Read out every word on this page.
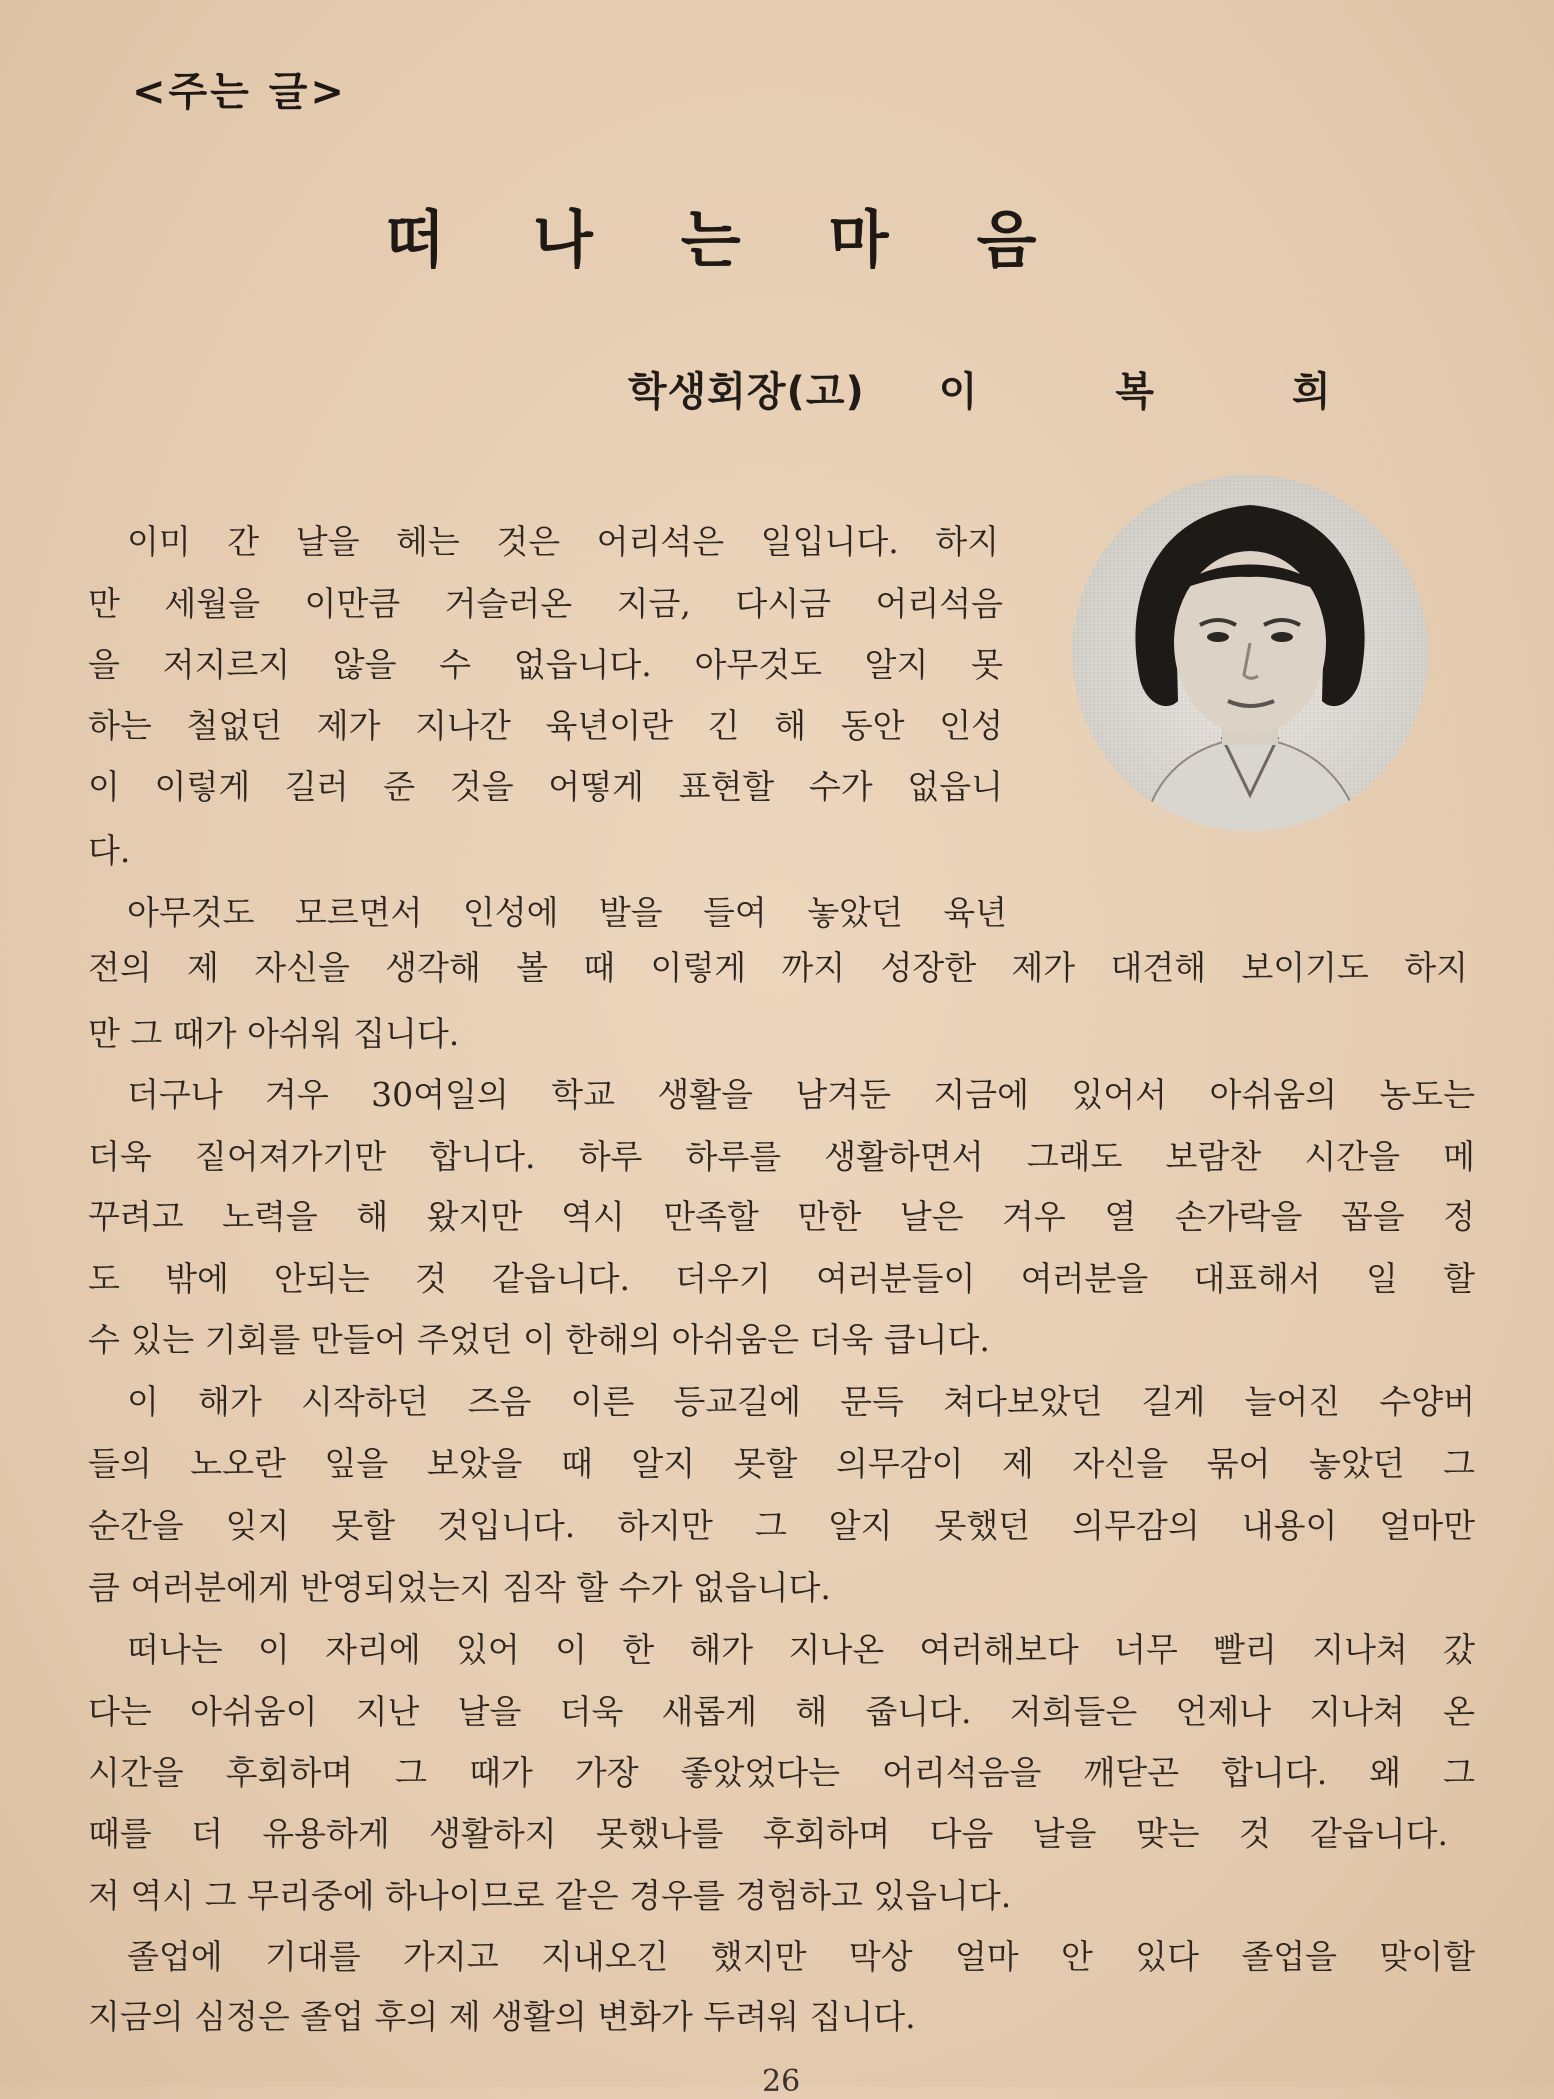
<주는 글>
떠나는마음
학생회장(고) 이복희
이미 간 날을 헤는 것은 어리석은 일입니다. 하지
만 세월을 이만큼 거슬러온 지금, 다시금 어리석음
을 저지르지 않을 수 없읍니다. 아무것도 알지 못
하는 철없던 제가 지나간 육년이란 긴 해 동안 인성
이 이렇게 길러 준 것을 어떻게 표현할 수가 없읍니
다.
아무것도 모르면서 인성에 발을 들여 놓았던 육년
전의 제 자신을 생각해 볼 때 이렇게 까지 성장한 제가 대견해 보이기도 하지
만 그 때가 아쉬워 집니다.
더구나 겨우 30여일의 학교 생활을 남겨둔 지금에 있어서 아쉬움의 농도는
더욱 짙어져가기만 합니다. 하루 하루를 생활하면서 그래도 보람찬 시간을 메
꾸려고 노력을 해 왔지만 역시 만족할 만한 날은 겨우 열 손가락을 꼽을 정
도 밖에 안되는 것 같읍니다. 더우기 여러분들이 여러분을 대표해서 일 할
수 있는 기회를 만들어 주었던 이 한해의 아쉬움은 더욱 큽니다.
이 해가 시작하던 즈음 이른 등교길에 문득 쳐다보았던 길게 늘어진 수양버
들의 노오란 잎을 보았을 때 알지 못할 의무감이 제 자신을 묶어 놓았던 그
순간을 잊지 못할 것입니다. 하지만 그 알지 못했던 의무감의 내용이 얼마만
큼 여러분에게 반영되었는지 짐작 할 수가 없읍니다.
떠나는 이 자리에 있어 이 한 해가 지나온 여러해보다 너무 빨리 지나쳐 갔
다는 아쉬움이 지난 날을 더욱 새롭게 해 줍니다. 저희들은 언제나 지나쳐 온
시간을 후회하며 그 때가 가장 좋았었다는 어리석음을 깨닫곤 합니다. 왜 그
때를 더 유용하게 생활하지 못했나를 후회하며 다음 날을 맞는 것 같읍니다.
저 역시 그 무리중에 하나이므로 같은 경우를 경험하고 있읍니다.
졸업에 기대를 가지고 지내오긴 했지만 막상 얼마 안 있다 졸업을 맞이할
지금의 심정은 졸업 후의 제 생활의 변화가 두려워 집니다.
26
